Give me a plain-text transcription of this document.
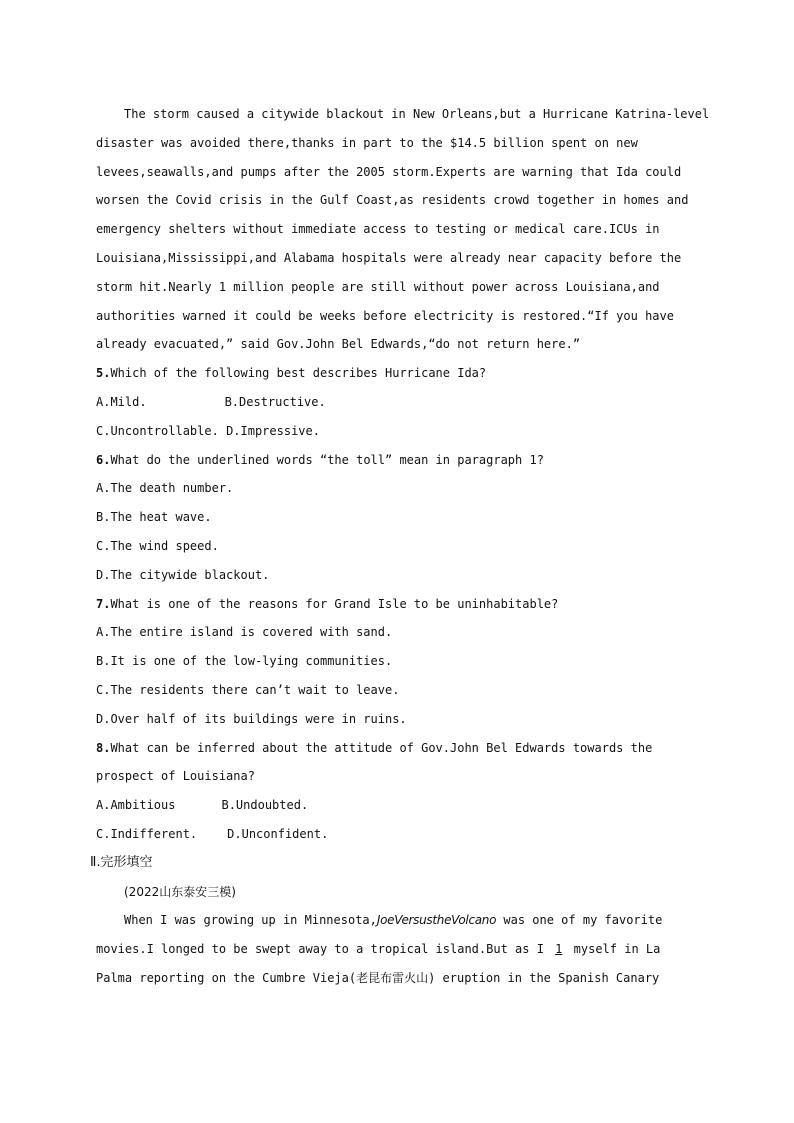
The storm caused a citywide blackout in New Orleans,but a Hurricane Katrina-level
disaster was avoided there,thanks in part to the $14.5 billion spent on new
levees,seawalls,and pumps after the 2005 storm.Experts are warning that Ida could
worsen the Covid crisis in the Gulf Coast,as residents crowd together in homes and
emergency shelters without immediate access to testing or medical care.ICUs in
Louisiana,Mississippi,and Alabama hospitals were already near capacity before the
storm hit.Nearly 1 million people are still without power across Louisiana,and
authorities warned it could be weeks before electricity is restored.“If you have
already evacuated,” said Gov.John Bel Edwards,“do not return here.”
5.Which of the following best describes Hurricane Ida?
A.Mild.	B.Destructive.
C.Uncontrollable. D.Impressive.
6.What do the underlined words “the toll” mean in paragraph 1?
A.The death number.
B.The heat wave.
C.The wind speed.
D.The citywide blackout.
7.What is one of the reasons for Grand Isle to be uninhabitable?
A.The entire island is covered with sand.
B.It is one of the low-lying communities.
C.The residents there can’t wait to leave.
D.Over half of its buildings were in ruins.
8.What can be inferred about the attitude of Gov.John Bel Edwards towards the
prospect of Louisiana?
A.Ambitious	B.Undoubted.
C.Indifferent.	D.Unconfident.
Ⅱ.完形填空
(2022山东泰安三模)
When I was growing up in Minnesota,JoeVersustheVolcano was one of my favorite
movies.I longed to be swept away to a tropical island.But as I 1 myself in La
Palma reporting on the Cumbre Vieja(老昆布雷火山) eruption in the Spanish Canary
